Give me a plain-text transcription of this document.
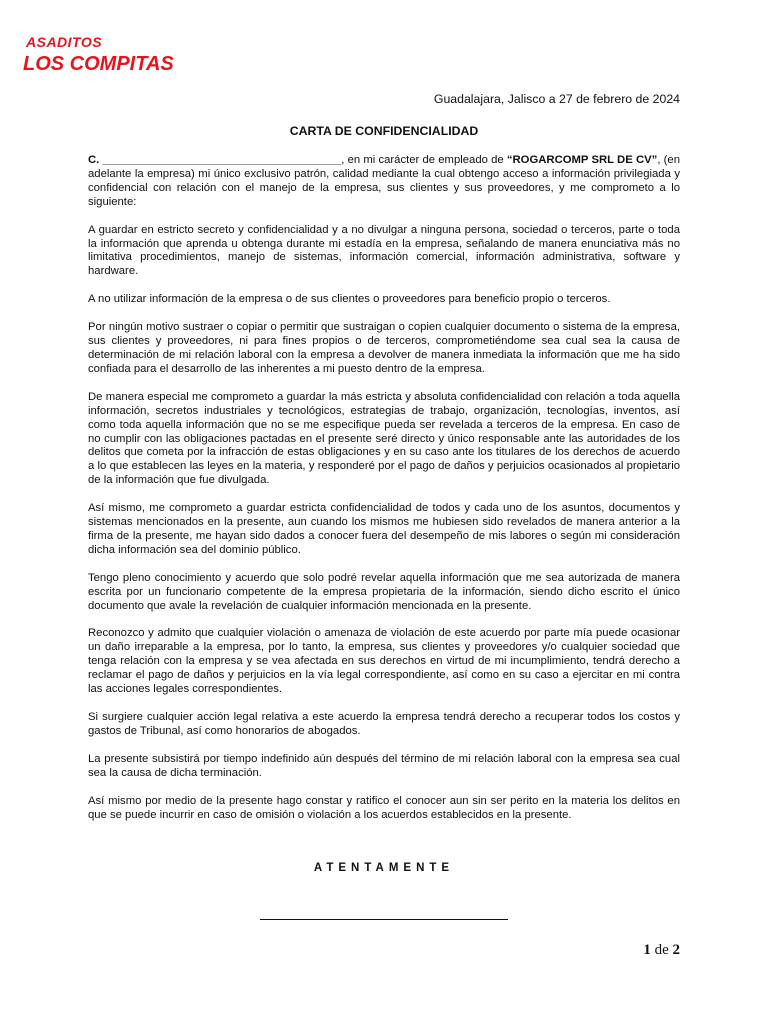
ASADITOS
LOS COMPITAS
Guadalajara, Jalisco a 27 de febrero de 2024
CARTA DE CONFIDENCIALIDAD

C. ______________________________________, en mi carácter de empleado de “ROGARCOMP SRL DE CV”, (en adelante la empresa) mi único exclusivo patrón, calidad mediante la cual obtengo acceso a información privilegiada y confidencial con relación con el manejo de la empresa, sus clientes y sus proveedores, y me comprometo a lo siguiente:

A guardar en estricto secreto y confidencialidad y a no divulgar a ninguna persona, sociedad o terceros, parte o toda la información que aprenda u obtenga durante mi estadía en la empresa, señalando de manera enunciativa más no limitativa procedimientos, manejo de sistemas, información comercial, información administrativa, software y hardware.

A no utilizar información de la empresa o de sus clientes o proveedores para beneficio propio o terceros.

Por ningún motivo sustraer o copiar o permitir que sustraigan o copien cualquier documento o sistema de la empresa, sus clientes y proveedores, ni para fines propios o de terceros, comprometiéndome sea cual sea la causa de determinación de mi relación laboral con la empresa a devolver de manera inmediata la información que me ha sido confiada para el desarrollo de las inherentes a mi puesto dentro de la empresa.

De manera especial me comprometo a guardar la más estricta y absoluta confidencialidad con relación a toda aquella información, secretos industriales y tecnológicos, estrategias de trabajo, organización, tecnologías, inventos, así como toda aquella información que no se me especifique pueda ser revelada a terceros de la empresa. En caso de no cumplir con las obligaciones pactadas en el presente seré directo y único responsable ante las autoridades de los delitos que cometa por la infracción de estas obligaciones y en su caso ante los titulares de los derechos de acuerdo a lo que establecen las leyes en la materia, y responderé por el pago de daños y perjuicios ocasionados al propietario de la información que fue divulgada.

Así mismo, me comprometo a guardar estricta confidencialidad de todos y cada uno de los asuntos, documentos y sistemas mencionados en la presente, aun cuando los mismos me hubiesen sido revelados de manera anterior a la firma de la presente, me hayan sido dados a conocer fuera del desempeño de mis labores o según mi consideración dicha información sea del dominio público.

Tengo pleno conocimiento y acuerdo que solo podré revelar aquella información que me sea autorizada de manera escrita por un funcionario competente de la empresa propietaria de la información, siendo dicho escrito el único documento que avale la revelación de cualquier información mencionada en la presente.

Reconozco y admito que cualquier violación o amenaza de violación de este acuerdo por parte mía puede ocasionar un daño irreparable a la empresa, por lo tanto, la empresa, sus clientes y proveedores y/o cualquier sociedad que tenga relación con la empresa y se vea afectada en sus derechos en virtud de mi incumplimiento, tendrá derecho a reclamar el pago de daños y perjuicios en la vía legal correspondiente, así como en su caso a ejercitar en mi contra las acciones legales correspondientes.

Si surgiere cualquier acción legal relativa a este acuerdo la empresa tendrá derecho a recuperar todos los costos y gastos de Tribunal, así como honorarios de abogados.

La presente subsistirá por tiempo indefinido aún después del término de mi relación laboral con la empresa sea cual sea la causa de dicha terminación.

Así mismo por medio de la presente hago constar y ratifico el conocer aun sin ser perito en la materia los delitos en que se puede incurrir en caso de omisión o violación a los acuerdos establecidos en la presente.

ATENTAMENTE
1 de 2
